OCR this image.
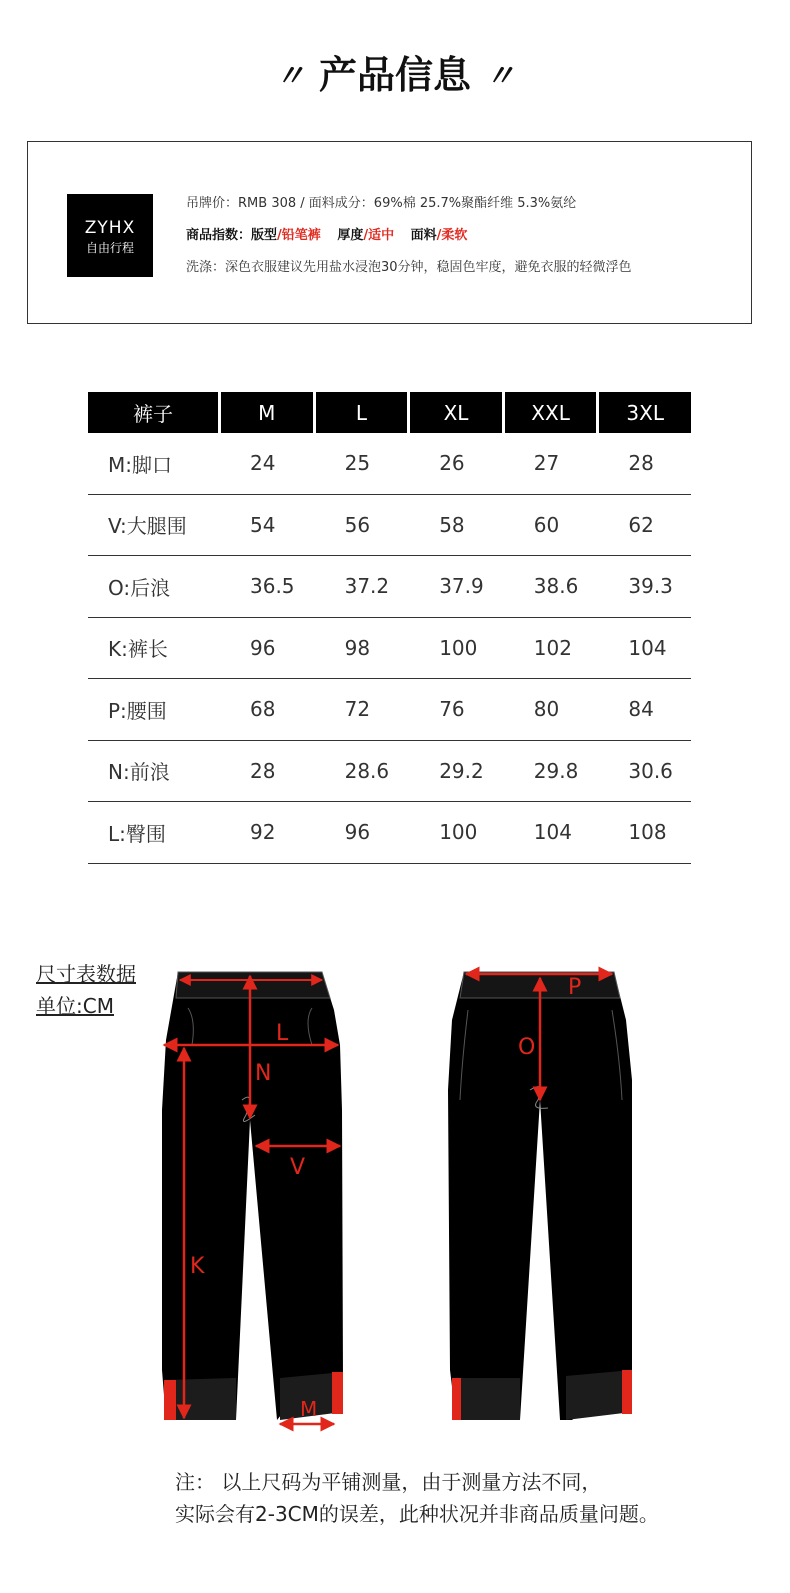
〃 产品信息 〃
ZYHX
自由行程
吊牌价：RMB 308 / 面料成分：69%棉 25.7%聚酯纤维 5.3%氨纶
商品指数：版型/铅笔裤 厚度/适中 面料/柔软
洗涤：深色衣服建议先用盐水浸泡30分钟，稳固色牢度，避免衣服的轻微浮色
裤子	M	L	XL	XXL	3XL
M:脚口	24	25	26	27	28
V:大腿围	54	56	58	60	62
O:后浪	36.5	37.2	37.9	38.6	39.3
K:裤长	96	98	100	102	104
P:腰围	68	72	76	80	84
N:前浪	28	28.6	29.2	29.8	30.6
L:臀围	92	96	100	104	108
尺寸表数据
单位:CM
L
N
V
K
M
P
O
注： 以上尺码为平铺测量，由于测量方法不同，
实际会有2-3CM的误差，此种状况并非商品质量问题。
